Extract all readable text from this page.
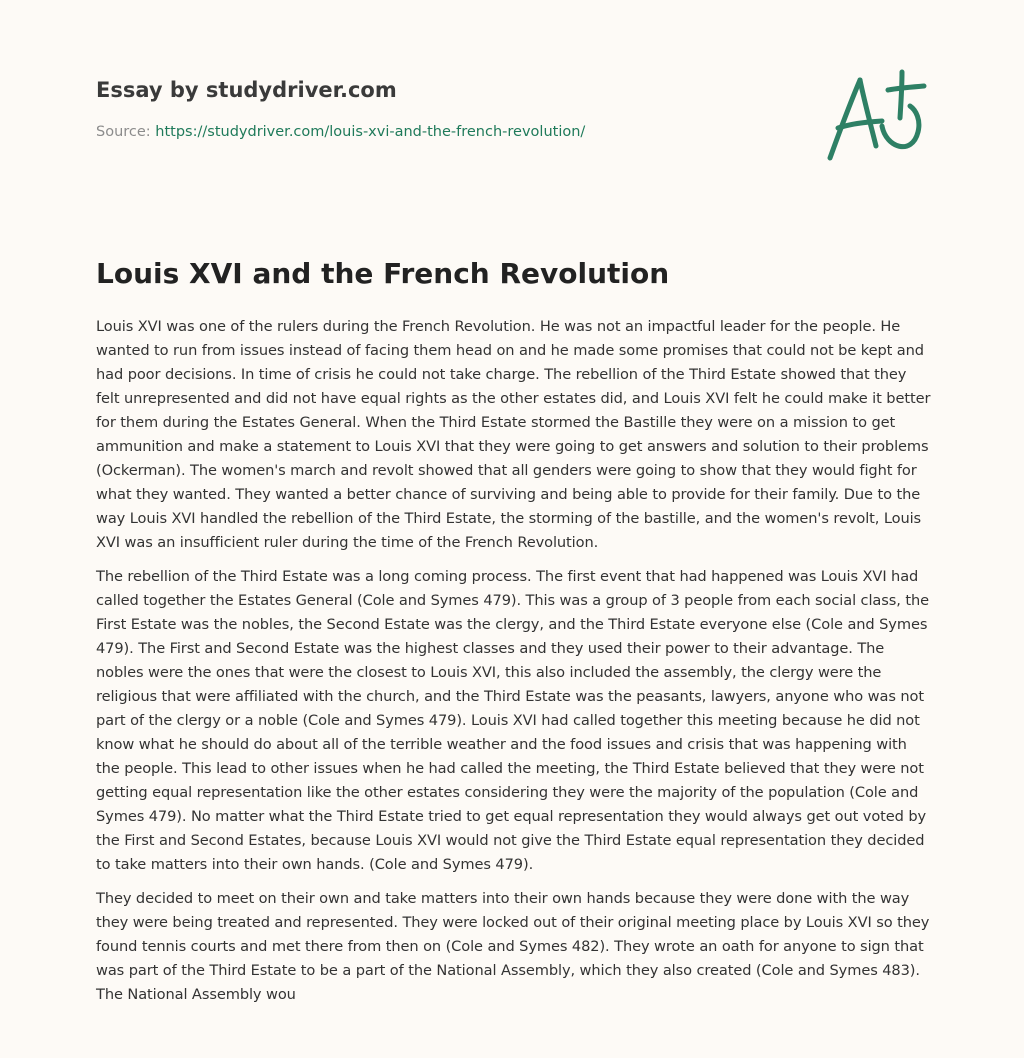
Essay by studydriver.com
Source: https://studydriver.com/louis-xvi-and-the-french-revolution/
Louis XVI and the French Revolution

Louis XVI was one of the rulers during the French Revolution. He was not an impactful leader for the people. He wanted to run from issues instead of facing them head on and he made some promises that could not be kept and had poor decisions. In time of crisis he could not take charge. The rebellion of the Third Estate showed that they felt unrepresented and did not have equal rights as the other estates did, and Louis XVI felt he could make it better for them during the Estates General. When the Third Estate stormed the Bastille they were on a mission to get ammunition and make a statement to Louis XVI that they were going to get answers and solution to their problems (Ockerman). The women's march and revolt showed that all genders were going to show that they would fight for what they wanted. They wanted a better chance of surviving and being able to provide for their family. Due to the way Louis XVI handled the rebellion of the Third Estate, the storming of the bastille, and the women's revolt, Louis XVI was an insufficient ruler during the time of the French Revolution.

The rebellion of the Third Estate was a long coming process. The first event that had happened was Louis XVI had called together the Estates General (Cole and Symes 479). This was a group of 3 people from each social class, the First Estate was the nobles, the Second Estate was the clergy, and the Third Estate everyone else (Cole and Symes 479). The First and Second Estate was the highest classes and they used their power to their advantage. The nobles were the ones that were the closest to Louis XVI, this also included the assembly, the clergy were the religious that were affiliated with the church, and the Third Estate was the peasants, lawyers, anyone who was not part of the clergy or a noble (Cole and Symes 479). Louis XVI had called together this meeting because he did not know what he should do about all of the terrible weather and the food issues and crisis that was happening with the people. This lead to other issues when he had called the meeting, the Third Estate believed that they were not getting equal representation like the other estates considering they were the majority of the population (Cole and Symes 479). No matter what the Third Estate tried to get equal representation they would always get out voted by the First and Second Estates, because Louis XVI would not give the Third Estate equal representation they decided to take matters into their own hands. (Cole and Symes 479).

They decided to meet on their own and take matters into their own hands because they were done with the way they were being treated and represented. They were locked out of their original meeting place by Louis XVI so they found tennis courts and met there from then on (Cole and Symes 482). They wrote an oath for anyone to sign that was part of the Third Estate to be a part of the National Assembly, which they also created (Cole and Symes 483). The National Assembly wou
